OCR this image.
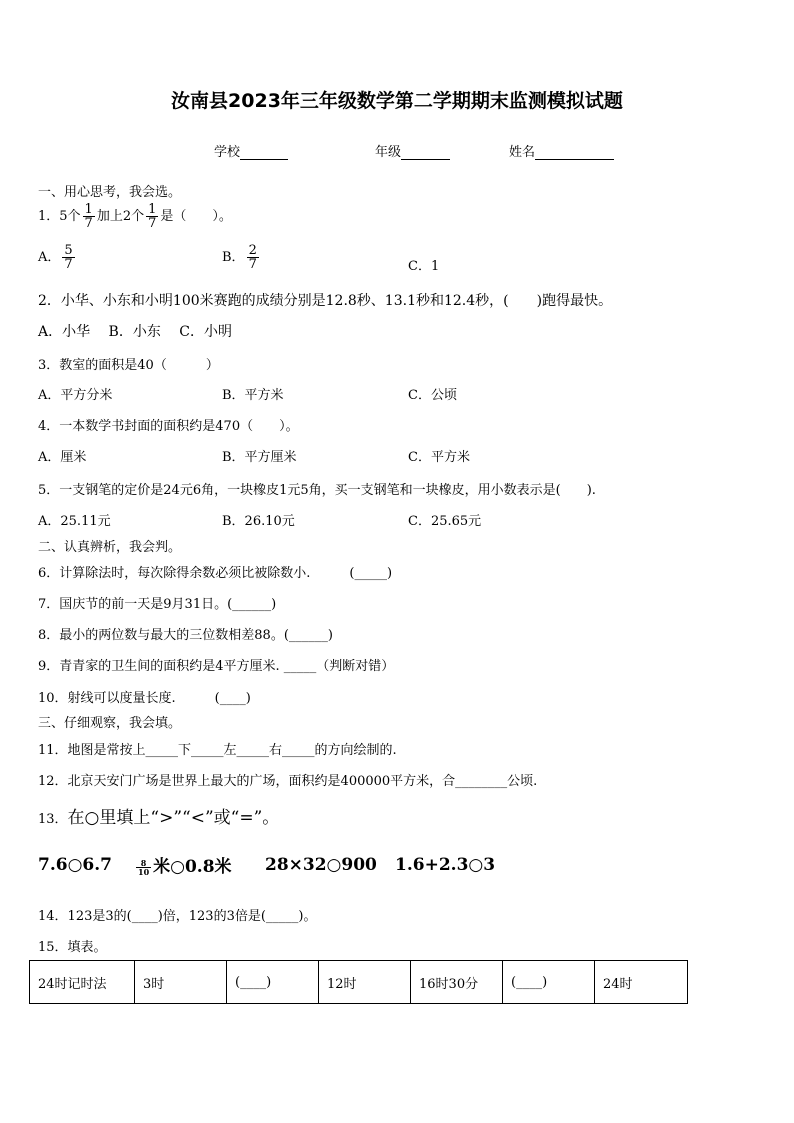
汝南县2023年三年级数学第二学期期末监测模拟试题
学校	年级	姓名
一、用心思考，我会选。
1．5个 $\frac{1}{7}$ 加上2个 $\frac{1}{7}$ 是（　　）。
A． $\frac{5}{7}$	B． $\frac{2}{7}$	C．1
2．小华、小东和小明100米赛跑的成绩分别是12.8秒、13.1秒和12.4秒，(　　)跑得最快。
A．小华　 B．小东　 C．小明
3．教室的面积是40（　　　）
A．平方分米	B．平方米	C．公顷
4．一本数学书封面的面积约是470（　　）。
A．厘米	B．平方厘米	C．平方米
5．一支钢笔的定价是24元6角，一块橡皮1元5角，买一支钢笔和一块橡皮，用小数表示是(　　).
A．25.11元	B．26.10元	C．25.65元
二、认真辨析，我会判。
6．计算除法时，每次除得余数必须比被除数小.　　　(_____)
7．国庆节的前一天是9月31日。(______)
8．最小的两位数与最大的三位数相差88。(______)
9．青青家的卫生间的面积约是4平方厘米. _____（判断对错）
10．射线可以度量长度.　　　(____)
三、仔细观察，我会填。
11．地图是常按上_____下_____左_____右_____的方向绘制的.
12．北京天安门广场是世界上最大的广场，面积约是400000平方米，合________公顷.
13．在○里填上“>”“<”或“=”。
7.6○6.7	$\frac{8}{10}$ 米○0.8米 28×32○900 1.6+2.3○3
14．123是3的(____)倍，123的3倍是(_____)。
15．填表。
24时记时法	3时	(____)	12时	16时30分	(____)	24时
